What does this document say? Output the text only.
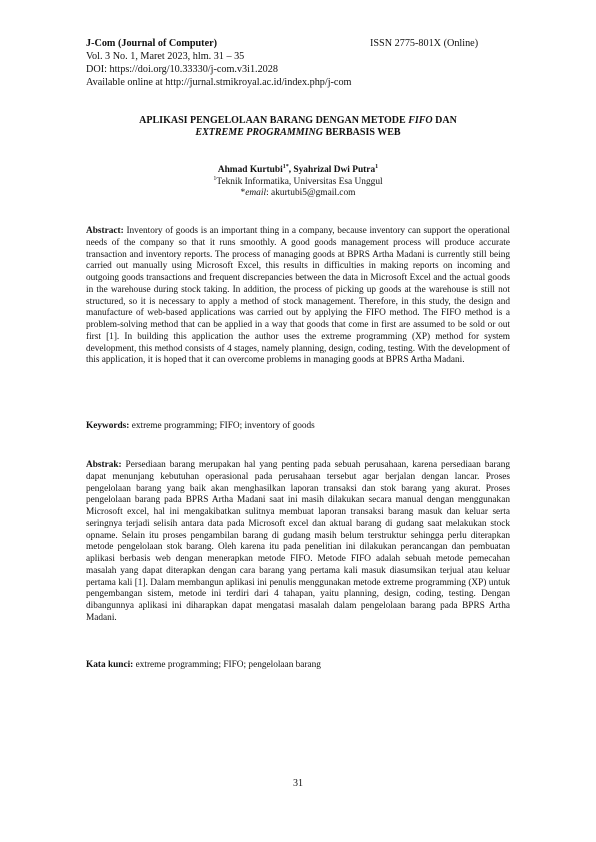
J-Com (Journal of Computer)	ISSN 2775-801X (Online)
Vol. 3 No. 1, Maret 2023, hlm. 31 – 35
DOI: https://doi.org/10.33330/j-com.v3i1.2028
Available online at http://jurnal.stmikroyal.ac.id/index.php/j-com
APLIKASI PENGELOLAAN BARANG DENGAN METODE FIFO DAN
EXTREME PROGRAMMING BERBASIS WEB
Ahmad Kurtubi$^{1*}$, Syahrizal Dwi Putra$^1$
$^1$Teknik Informatika, Universitas Esa Unggul
*email: akurtubi5@gmail.com
Abstract: Inventory of goods is an important thing in a company, because inventory can support the operational needs of the company so that it runs smoothly. A good goods management process will produce accurate transaction and inventory reports. The process of managing goods at BPRS Artha Madani is currently still being carried out manually using Microsoft Excel, this results in difficulties in making reports on incoming and outgoing goods transactions and frequent discrepancies between the data in Microsoft Excel and the actual goods in the warehouse during stock taking. In addition, the process of picking up goods at the warehouse is still not structured, so it is necessary to apply a method of stock management. Therefore, in this study, the design and manufacture of web-based applications was carried out by applying the FIFO method. The FIFO method is a problem-solving method that can be applied in a way that goods that come in first are assumed to be sold or out first [1]. In building this application the author uses the extreme programming (XP) method for system development, this method consists of 4 stages, namely planning, design, coding, testing. With the development of this application, it is hoped that it can overcome problems in managing goods at BPRS Artha Madani.
Keywords: extreme programming; FIFO; inventory of goods
Abstrak: Persediaan barang merupakan hal yang penting pada sebuah perusahaan, karena persediaan barang dapat menunjang kebutuhan operasional pada perusahaan tersebut agar berjalan dengan lancar. Proses pengelolaan barang yang baik akan menghasilkan laporan transaksi dan stok barang yang akurat. Proses pengelolaan barang pada BPRS Artha Madani saat ini masih dilakukan secara manual dengan menggunakan Microsoft excel, hal ini mengakibatkan sulitnya membuat laporan transaksi barang masuk dan keluar serta seringnya terjadi selisih antara data pada Microsoft excel dan aktual barang di gudang saat melakukan stock opname. Selain itu proses pengambilan barang di gudang masih belum terstruktur sehingga perlu diterapkan metode pengelolaan stok barang. Oleh karena itu pada penelitian ini dilakukan perancangan dan pembuatan aplikasi berbasis web dengan menerapkan metode FIFO. Metode FIFO adalah sebuah metode pemecahan masalah yang dapat diterapkan dengan cara barang yang pertama kali masuk diasumsikan terjual atau keluar pertama kali [1]. Dalam membangun aplikasi ini penulis menggunakan metode extreme programming (XP) untuk pengembangan sistem, metode ini terdiri dari 4 tahapan, yaitu planning, design, coding, testing. Dengan dibangunnya aplikasi ini diharapkan dapat mengatasi masalah dalam pengelolaan barang pada BPRS Artha Madani.
Kata kunci: extreme programming; FIFO; pengelolaan barang
31
